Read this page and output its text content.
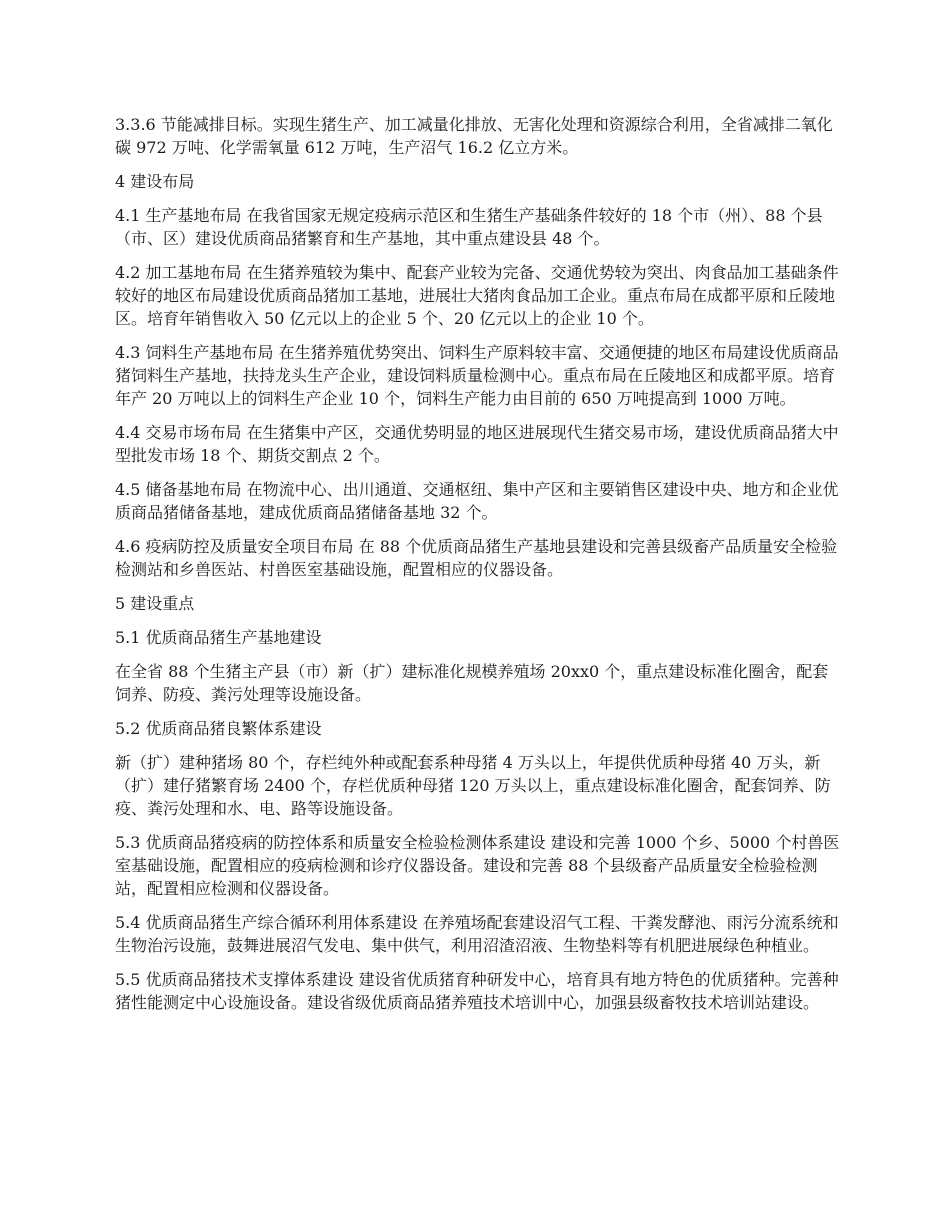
3.3.6 节能减排目标。实现生猪生产、加工减量化排放、无害化处理和资源综合利用，全省减排二氧化碳 972 万吨、化学需氧量 612 万吨，生产沼气 16.2 亿立方米。

4 建设布局

4.1 生产基地布局 在我省国家无规定疫病示范区和生猪生产基础条件较好的 18 个市（州）、88 个县（市、区）建设优质商品猪繁育和生产基地，其中重点建设县 48 个。

4.2 加工基地布局 在生猪养殖较为集中、配套产业较为完备、交通优势较为突出、肉食品加工基础条件较好的地区布局建设优质商品猪加工基地，进展壮大猪肉食品加工企业。重点布局在成都平原和丘陵地区。培育年销售收入 50 亿元以上的企业 5 个、20 亿元以上的企业 10 个。

4.3 饲料生产基地布局 在生猪养殖优势突出、饲料生产原料较丰富、交通便捷的地区布局建设优质商品猪饲料生产基地，扶持龙头生产企业，建设饲料质量检测中心。重点布局在丘陵地区和成都平原。培育年产 20 万吨以上的饲料生产企业 10 个，饲料生产能力由目前的 650 万吨提高到 1000 万吨。

4.4 交易市场布局 在生猪集中产区，交通优势明显的地区进展现代生猪交易市场，建设优质商品猪大中型批发市场 18 个、期货交割点 2 个。

4.5 储备基地布局 在物流中心、出川通道、交通枢纽、集中产区和主要销售区建设中央、地方和企业优质商品猪储备基地，建成优质商品猪储备基地 32 个。

4.6 疫病防控及质量安全项目布局 在 88 个优质商品猪生产基地县建设和完善县级畜产品质量安全检验检测站和乡兽医站、村兽医室基础设施，配置相应的仪器设备。

5 建设重点

5.1 优质商品猪生产基地建设

在全省 88 个生猪主产县（市）新（扩）建标准化规模养殖场 20xx0 个，重点建设标准化圈舍，配套饲养、防疫、粪污处理等设施设备。

5.2 优质商品猪良繁体系建设

新（扩）建种猪场 80 个，存栏纯外种或配套系种母猪 4 万头以上，年提供优质种母猪 40 万头，新（扩）建仔猪繁育场 2400 个，存栏优质种母猪 120 万头以上，重点建设标准化圈舍，配套饲养、防疫、粪污处理和水、电、路等设施设备。

5.3 优质商品猪疫病的防控体系和质量安全检验检测体系建设 建设和完善 1000 个乡、5000 个村兽医室基础设施，配置相应的疫病检测和诊疗仪器设备。建设和完善 88 个县级畜产品质量安全检验检测站，配置相应检测和仪器设备。

5.4 优质商品猪生产综合循环利用体系建设 在养殖场配套建设沼气工程、干粪发酵池、雨污分流系统和生物治污设施，鼓舞进展沼气发电、集中供气，利用沼渣沼液、生物垫料等有机肥进展绿色种植业。

5.5 优质商品猪技术支撑体系建设 建设省优质猪育种研发中心，培育具有地方特色的优质猪种。完善种猪性能测定中心设施设备。建设省级优质商品猪养殖技术培训中心，加强县级畜牧技术培训站建设。
